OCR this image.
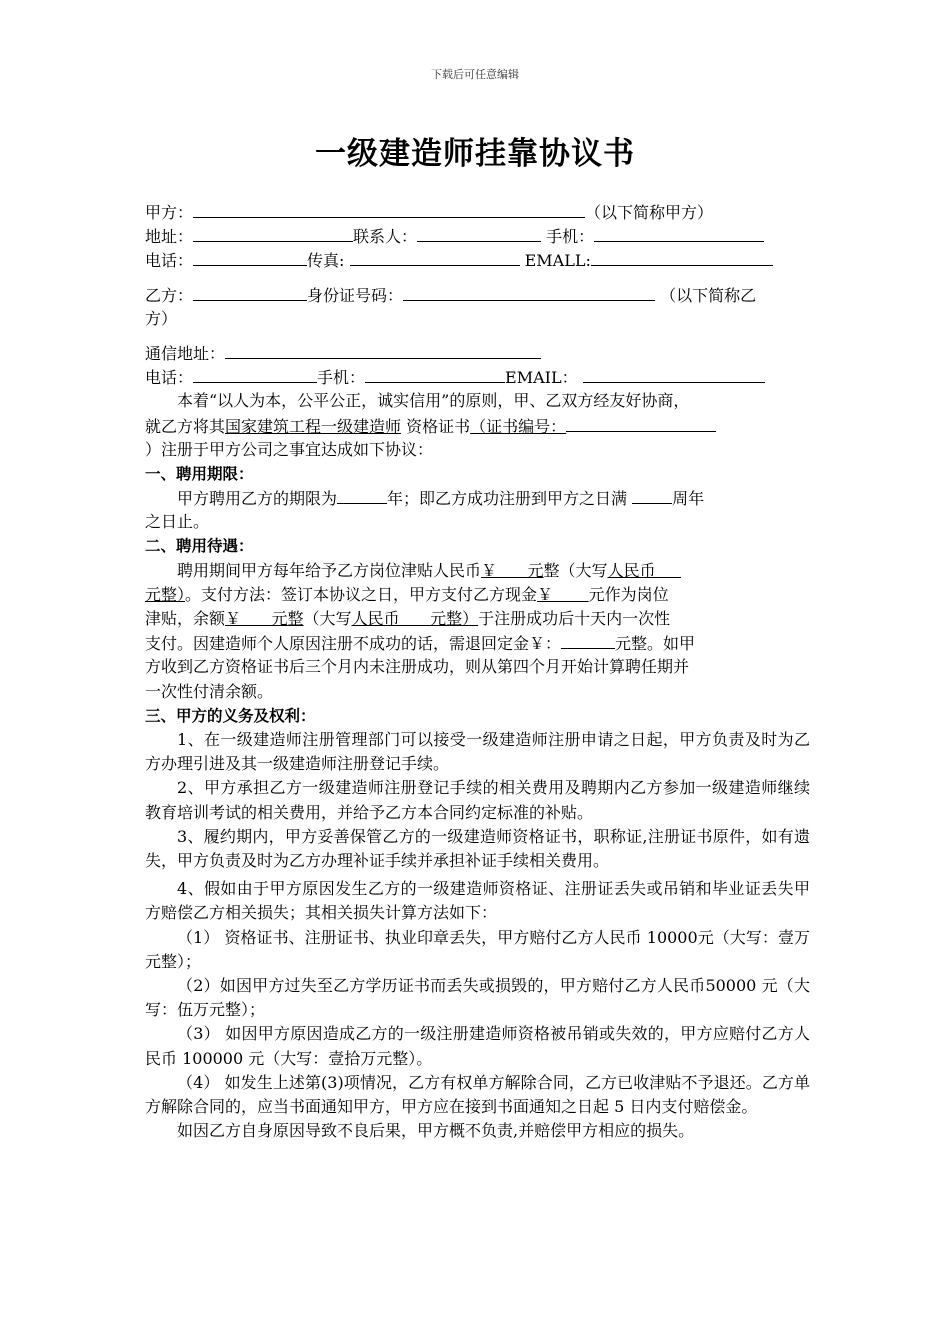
下载后可任意编辑
一级建造师挂靠协议书
甲方：	（以下简称甲方）
地址：	联系人：	手机：
电话：	传真:	EMALL:
乙方：	身份证号码：	（以下简称乙
方）
通信地址：
电话：	手机：	EMAIL：

本着“以人为本，公平公正，诚实信用”的原则，甲、乙双方经友好协商，

就乙方将其国家建筑工程一级建造师 资格证书（证书编号：
）注册于甲方公司之事宜达成如下协议：

一、聘用期限：

甲方聘用乙方的期限为	年；即乙方成功注册到甲方之日满	周年
之日止。

二、聘用待遇：

聘用期间甲方每年给予乙方岗位津贴人民币￥      元整（大写人民币
元整）。支付方法：签订本协议之日，甲方支付乙方现金￥       元作为岗位
津贴，余额￥      元整（大写人民币      元整）于注册成功后十天内一次性
支付。因建造师个人原因注册不成功的话，需退回定金￥：	元整。如甲
方收到乙方资格证书后三个月内未注册成功，则从第四个月开始计算聘任期并
一次性付清余额。

三、甲方的义务及权利：

1、在一级建造师注册管理部门可以接受一级建造师注册申请之日起，甲方负责及时为乙方办理引进及其一级建造师注册登记手续。

2、甲方承担乙方一级建造师注册登记手续的相关费用及聘期内乙方参加一级建造师继续教育培训考试的相关费用，并给予乙方本合同约定标准的补贴。

3、履约期内，甲方妥善保管乙方的一级建造师资格证书，职称证,注册证书原件，如有遗失，甲方负责及时为乙方办理补证手续并承担补证手续相关费用。

4、假如由于甲方原因发生乙方的一级建造师资格证、注册证丢失或吊销和毕业证丢失甲方赔偿乙方相关损失；其相关损失计算方法如下：

（1） 资格证书、注册证书、执业印章丢失，甲方赔付乙方人民币 10000元（大写：壹万元整）；

（2）如因甲方过失至乙方学历证书而丢失或损毁的，甲方赔付乙方人民币50000 元（大写：伍万元整）；

（3） 如因甲方原因造成乙方的一级注册建造师资格被吊销或失效的，甲方应赔付乙方人民币 100000 元（大写：壹拾万元整）。

（4） 如发生上述第(3)项情况，乙方有权单方解除合同，乙方已收津贴不予退还。乙方单方解除合同的，应当书面通知甲方，甲方应在接到书面通知之日起 5 日内支付赔偿金。

如因乙方自身原因导致不良后果，甲方概不负责,并赔偿甲方相应的损失。
